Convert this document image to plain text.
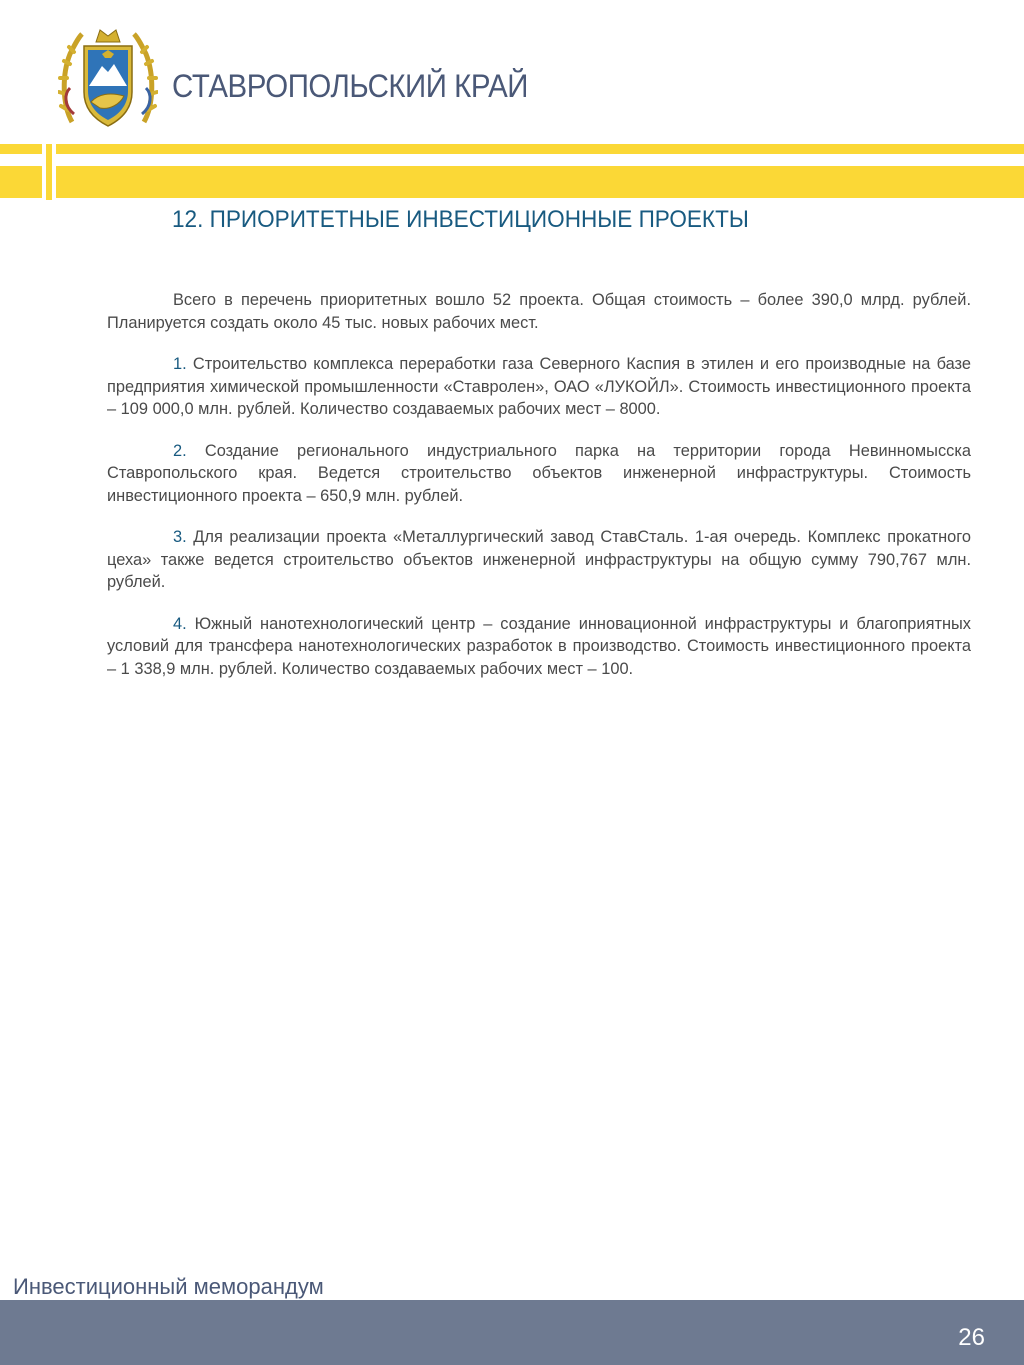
СТАВРОПОЛЬСКИЙ КРАЙ
12. ПРИОРИТЕТНЫЕ ИНВЕСТИЦИОННЫЕ ПРОЕКТЫ

Всего в перечень приоритетных вошло 52 проекта. Общая стоимость – более 390,0 млрд. рублей. Планируется создать около 45 тыс. новых рабочих мест.

1. Строительство комплекса переработки газа Северного Каспия в этилен и его производные на базе предприятия химической промышленности «Ставролен», ОАО «ЛУКОЙЛ». Стоимость инвестиционного проекта – 109 000,0 млн. рублей. Количество создаваемых рабочих мест – 8000.

2. Создание регионального индустриального парка на территории города Невинномысска Ставропольского края. Ведется строительство объектов инженерной инфраструктуры. Стоимость инвестиционного проекта – 650,9 млн. рублей.

3. Для реализации проекта «Металлургический завод СтавСталь. 1-ая очередь. Комплекс прокатного цеха» также ведется строительство объектов инженерной инфраструктуры на общую сумму 790,767 млн. рублей.

4. Южный нанотехнологический центр – создание инновационной инфраструктуры и благоприятных условий для трансфера нанотехнологических разработок в производство. Стоимость инвестиционного проекта – 1 338,9 млн. рублей. Количество создаваемых рабочих мест – 100.

Инвестиционный меморандум
26
